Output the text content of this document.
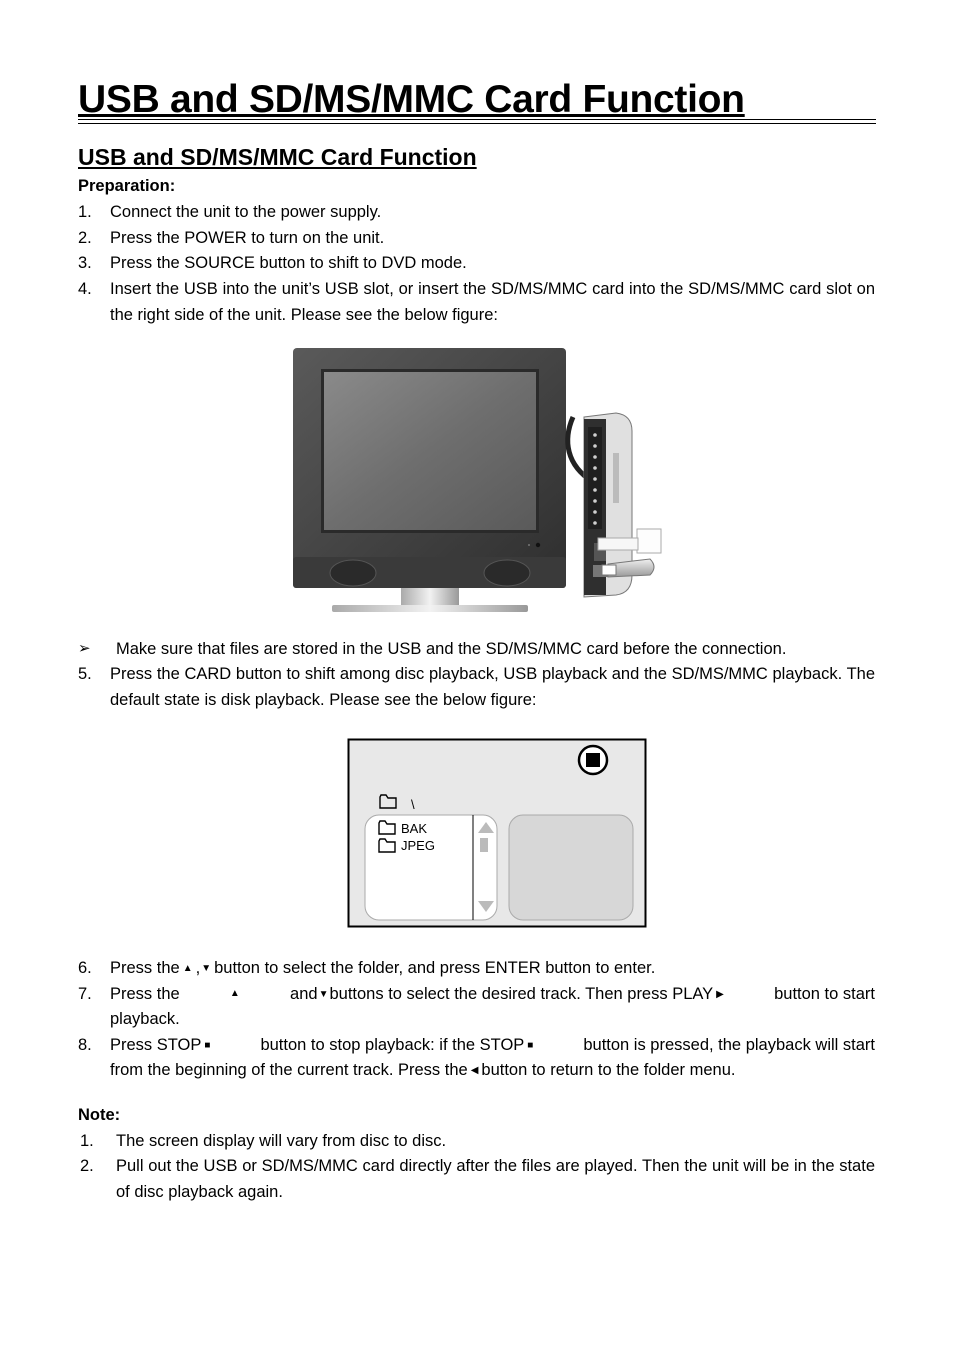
USB and SD/MS/MMC Card Function
USB and SD/MS/MMC Card Function
Preparation:
1. Connect the unit to the power supply.
2. Press the POWER to turn on the unit.
3. Press the SOURCE button to shift to DVD mode.
4. Insert the USB into the unit’s USB slot, or insert the SD/MS/MMC card into the SD/MS/MMC card slot on the right side of the unit. Please see the below figure:
➢ Make sure that files are stored in the USB and the SD/MS/MMC card before the connection.
5. Press the CARD button to shift among disc playback, USB playback and the SD/MS/MMC playback. The default state is disk playback. Please see the below figure:
\
BAK
JPEG
6. Press the ▲ ,▼ button to select the folder, and press ENTER button to enter.
7. Press the	▲	and▼buttons to select the desired track. Then press PLAY ▶	button to start
playback.
8. Press STOP ■	button to stop playback: if the STOP ■	button is pressed, the playback will start
from the beginning of the current track. Press the ◀ button to return to the folder menu.
Note:
1. The screen display will vary from disc to disc.
2. Pull out the USB or SD/MS/MMC card directly after the files are played. Then the unit will be in the state of disc playback again.
